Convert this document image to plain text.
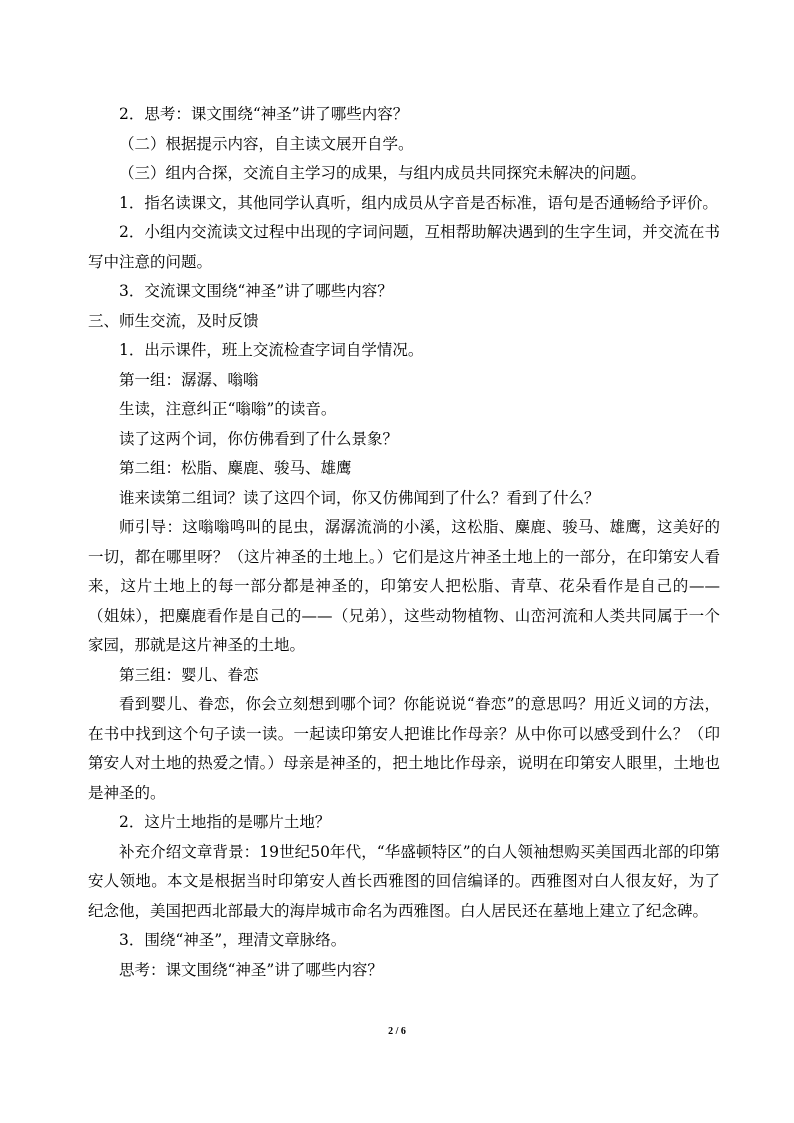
2．思考：课文围绕“神圣”讲了哪些内容？
（二）根据提示内容，自主读文展开自学。
（三）组内合探，交流自主学习的成果，与组内成员共同探究未解决的问题。
1．指名读课文，其他同学认真听，组内成员从字音是否标准，语句是否通畅给予评价。
2．小组内交流读文过程中出现的字词问题，互相帮助解决遇到的生字生词，并交流在书写中注意的问题。
3．交流课文围绕“神圣”讲了哪些内容？
三、师生交流，及时反馈
1．出示课件，班上交流检查字词自学情况。
第一组：潺潺、嗡嗡
生读，注意纠正“嗡嗡”的读音。
读了这两个词，你仿佛看到了什么景象？
第二组：松脂、麋鹿、骏马、雄鹰
谁来读第二组词？读了这四个词，你又仿佛闻到了什么？看到了什么？
师引导：这嗡嗡鸣叫的昆虫，潺潺流淌的小溪，这松脂、麋鹿、骏马、雄鹰，这美好的一切，都在哪里呀？（这片神圣的土地上。）它们是这片神圣土地上的一部分，在印第安人看来，这片土地上的每一部分都是神圣的，印第安人把松脂、青草、花朵看作是自己的——（姐妹），把麋鹿看作是自己的——（兄弟），这些动物植物、山峦河流和人类共同属于一个家园，那就是这片神圣的土地。
第三组：婴儿、眷恋
看到婴儿、眷恋，你会立刻想到哪个词？你能说说“眷恋”的意思吗？用近义词的方法，在书中找到这个句子读一读。一起读印第安人把谁比作母亲？从中你可以感受到什么？（印第安人对土地的热爱之情。）母亲是神圣的，把土地比作母亲，说明在印第安人眼里，土地也是神圣的。
2．这片土地指的是哪片土地？
补充介绍文章背景：19世纪50年代，“华盛顿特区”的白人领袖想购买美国西北部的印第安人领地。本文是根据当时印第安人酋长西雅图的回信编译的。西雅图对白人很友好，为了纪念他，美国把西北部最大的海岸城市命名为西雅图。白人居民还在墓地上建立了纪念碑。
3．围绕“神圣”，理清文章脉络。
思考：课文围绕“神圣”讲了哪些内容？
2 / 6
